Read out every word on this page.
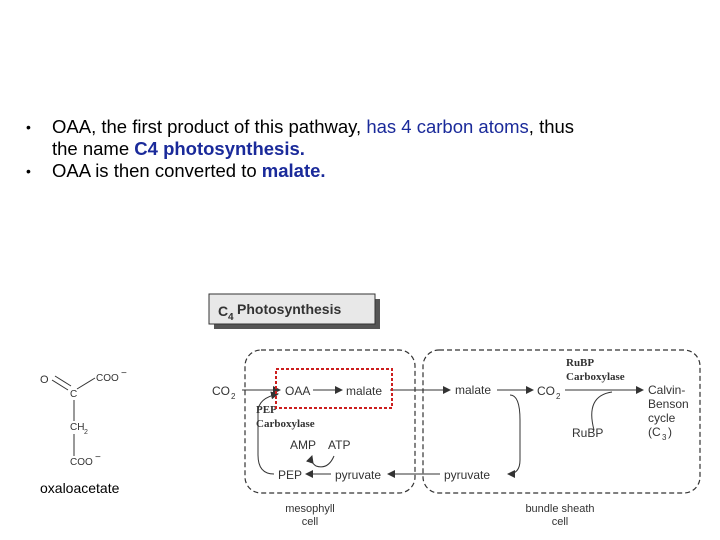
• OAA, the first product of this pathway, has 4 carbon atoms, thus
the name C4 photosynthesis.
• OAA is then converted to malate.
O	COO −
C
CH 2
COO −
C 4
Photosynthesis
CO 2	OAA	malate
PEP
Carboxylase
AMP ATP
PEP	pyruvate
malate	CO 2
RuBP
Carboxylase
RuBP
Calvin-
Benson
cycle
(C 3 )
pyruvate
mesophyll
cell
bundle sheath
cell
oxaloacetate
